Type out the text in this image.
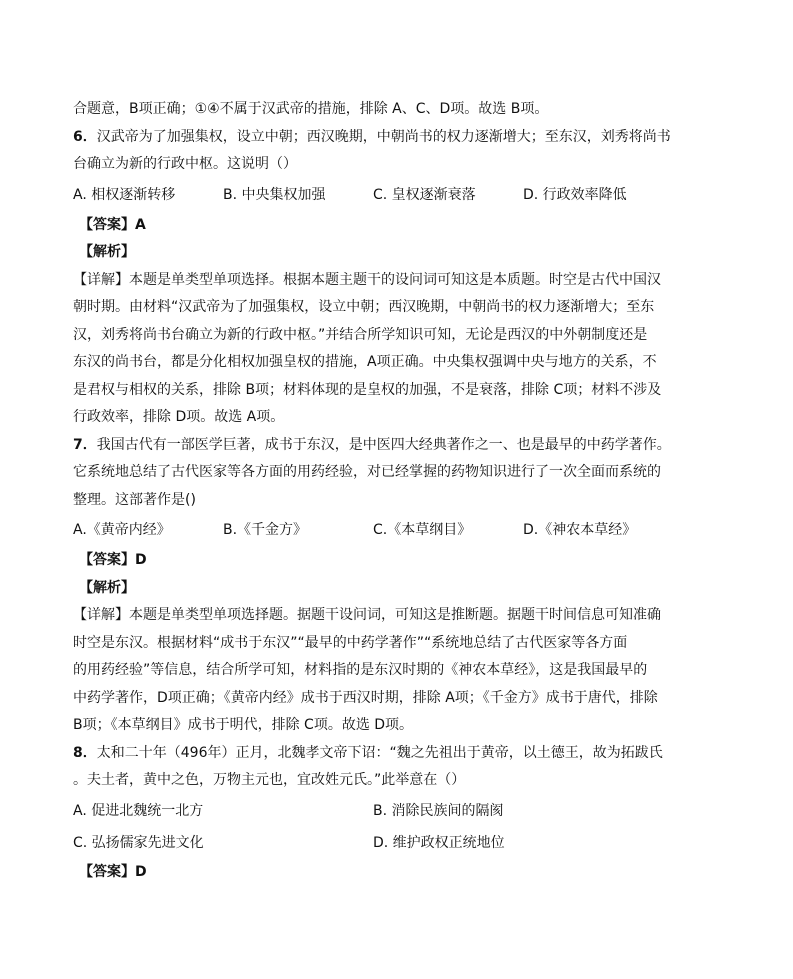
合题意，B项正确；①④不属于汉武帝的措施，排除 A、C、D项。故选 B项。
6．汉武帝为了加强集权，设立中朝；西汉晚期，中朝尚书的权力逐渐增大；至东汉，刘秀将尚书
台确立为新的行政中枢。这说明（）
A. 相权逐渐转移	B. 中央集权加强	C. 皇权逐渐衰落	D. 行政效率降低
【答案】A
【解析】
【详解】本题是单类型单项选择。根据本题主题干的设问词可知这是本质题。时空是古代中国汉
朝时期。由材料“汉武帝为了加强集权，设立中朝；西汉晚期，中朝尚书的权力逐渐增大；至东
汉，刘秀将尚书台确立为新的行政中枢。”并结合所学知识可知，无论是西汉的中外朝制度还是
东汉的尚书台，都是分化相权加强皇权的措施，A项正确。中央集权强调中央与地方的关系，不
是君权与相权的关系，排除 B项；材料体现的是皇权的加强，不是衰落，排除 C项；材料不涉及
行政效率，排除 D项。故选 A项。
7．我国古代有一部医学巨著，成书于东汉，是中医四大经典著作之一、也是最早的中药学著作。
它系统地总结了古代医家等各方面的用药经验，对已经掌握的药物知识进行了一次全面而系统的
整理。这部著作是()
A.《黄帝内经》	B.《千金方》	C.《本草纲目》	D.《神农本草经》
【答案】D
【解析】
【详解】本题是单类型单项选择题。据题干设问词，可知这是推断题。据题干时间信息可知准确
时空是东汉。根据材料“成书于东汉”“最早的中药学著作”“系统地总结了古代医家等各方面
的用药经验”等信息，结合所学可知，材料指的是东汉时期的《神农本草经》，这是我国最早的
中药学著作，D项正确；《黄帝内经》成书于西汉时期，排除 A项；《千金方》成书于唐代，排除
B项；《本草纲目》成书于明代，排除 C项。故选 D项。
8．太和二十年（496年）正月，北魏孝文帝下诏：“魏之先祖出于黄帝，以土德王，故为拓跋氏
。夫土者，黄中之色，万物主元也，宜改姓元氏。”此举意在（）
A. 促进北魏统一北方	B. 消除民族间的隔阂
C. 弘扬儒家先进文化	D. 维护政权正统地位
【答案】D
